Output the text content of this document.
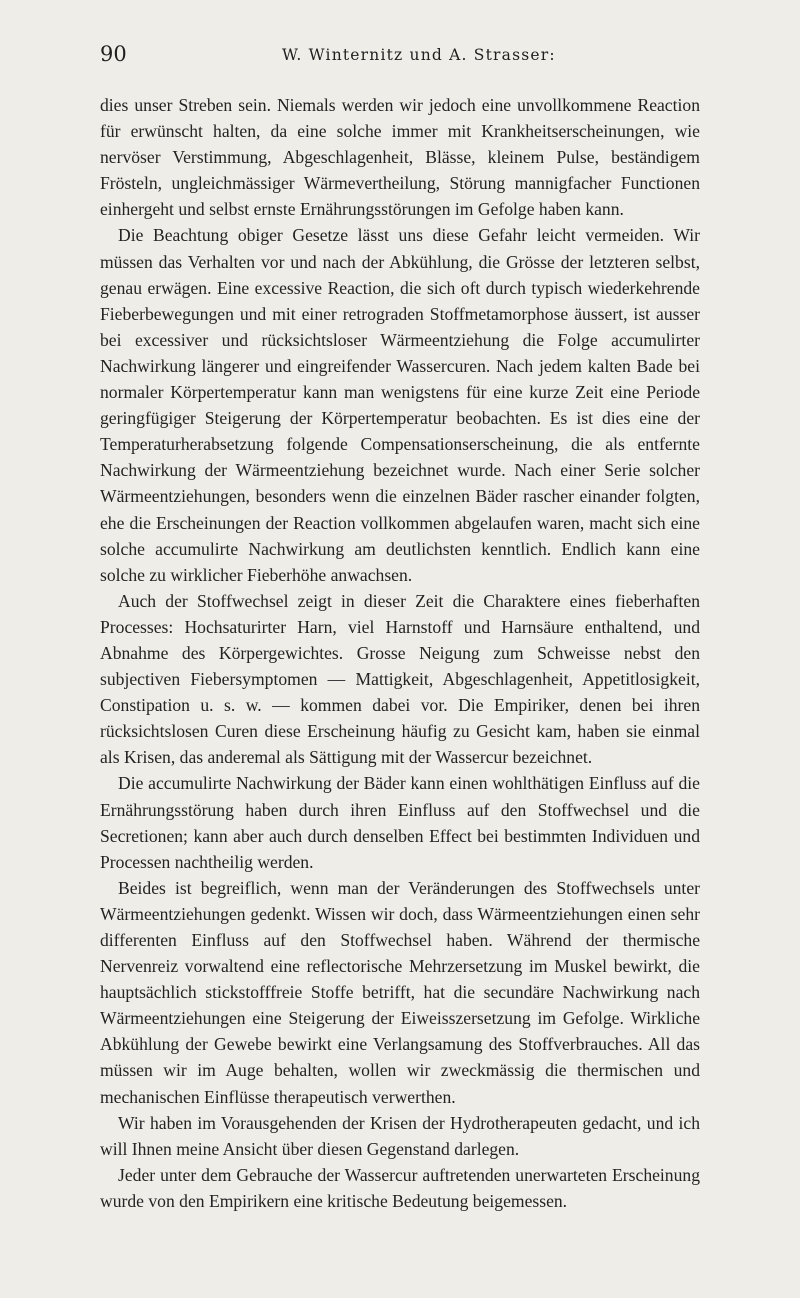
90	W. Winternitz und A. Strasser:

dies unser Streben sein. Niemals werden wir jedoch eine unvollkommene Reaction für erwünscht halten, da eine solche immer mit Krankheitserscheinungen, wie nervöser Verstimmung, Abgeschlagenheit, Blässe, kleinem Pulse, beständigem Frösteln, ungleichmässiger Wärmevertheilung, Störung mannigfacher Functionen einhergeht und selbst ernste Ernährungsstörungen im Gefolge haben kann.

Die Beachtung obiger Gesetze lässt uns diese Gefahr leicht vermeiden. Wir müssen das Verhalten vor und nach der Abkühlung, die Grösse der letzteren selbst, genau erwägen. Eine excessive Reaction, die sich oft durch typisch wiederkehrende Fieberbewegungen und mit einer retrograden Stoffmetamorphose äussert, ist ausser bei excessiver und rücksichtsloser Wärmeentziehung die Folge accumulirter Nachwirkung längerer und eingreifender Wassercuren. Nach jedem kalten Bade bei normaler Körpertemperatur kann man wenigstens für eine kurze Zeit eine Periode geringfügiger Steigerung der Körpertemperatur beobachten. Es ist dies eine der Temperaturherabsetzung folgende Compensationserscheinung, die als entfernte Nachwirkung der Wärmeentziehung bezeichnet wurde. Nach einer Serie solcher Wärmeentziehungen, besonders wenn die einzelnen Bäder rascher einander folgten, ehe die Erscheinungen der Reaction vollkommen abgelaufen waren, macht sich eine solche accumulirte Nachwirkung am deutlichsten kenntlich. Endlich kann eine solche zu wirklicher Fieberhöhe anwachsen.

Auch der Stoffwechsel zeigt in dieser Zeit die Charaktere eines fieberhaften Processes: Hochsaturirter Harn, viel Harnstoff und Harnsäure enthaltend, und Abnahme des Körpergewichtes. Grosse Neigung zum Schweisse nebst den subjectiven Fiebersymptomen — Mattigkeit, Abgeschlagenheit, Appetitlosigkeit, Constipation u. s. w. — kommen dabei vor. Die Empiriker, denen bei ihren rücksichtslosen Curen diese Erscheinung häufig zu Gesicht kam, haben sie einmal als Krisen, das anderemal als Sättigung mit der Wassercur bezeichnet.

Die accumulirte Nachwirkung der Bäder kann einen wohlthätigen Einfluss auf die Ernährungsstörung haben durch ihren Einfluss auf den Stoffwechsel und die Secretionen; kann aber auch durch denselben Effect bei bestimmten Individuen und Processen nachtheilig werden.

Beides ist begreiflich, wenn man der Veränderungen des Stoffwechsels unter Wärmeentziehungen gedenkt. Wissen wir doch, dass Wärmeentziehungen einen sehr differenten Einfluss auf den Stoffwechsel haben. Während der thermische Nervenreiz vorwaltend eine reflectorische Mehrzersetzung im Muskel bewirkt, die hauptsächlich stickstofffreie Stoffe betrifft, hat die secundäre Nachwirkung nach Wärmeentziehungen eine Steigerung der Eiweisszersetzung im Gefolge. Wirkliche Abkühlung der Gewebe bewirkt eine Verlangsamung des Stoffverbrauches. All das müssen wir im Auge behalten, wollen wir zweckmässig die thermischen und mechanischen Einflüsse therapeutisch verwerthen.

Wir haben im Vorausgehenden der Krisen der Hydrotherapeuten gedacht, und ich will Ihnen meine Ansicht über diesen Gegenstand darlegen.

Jeder unter dem Gebrauche der Wassercur auftretenden unerwarteten Erscheinung wurde von den Empirikern eine kritische Bedeutung beigemessen.
